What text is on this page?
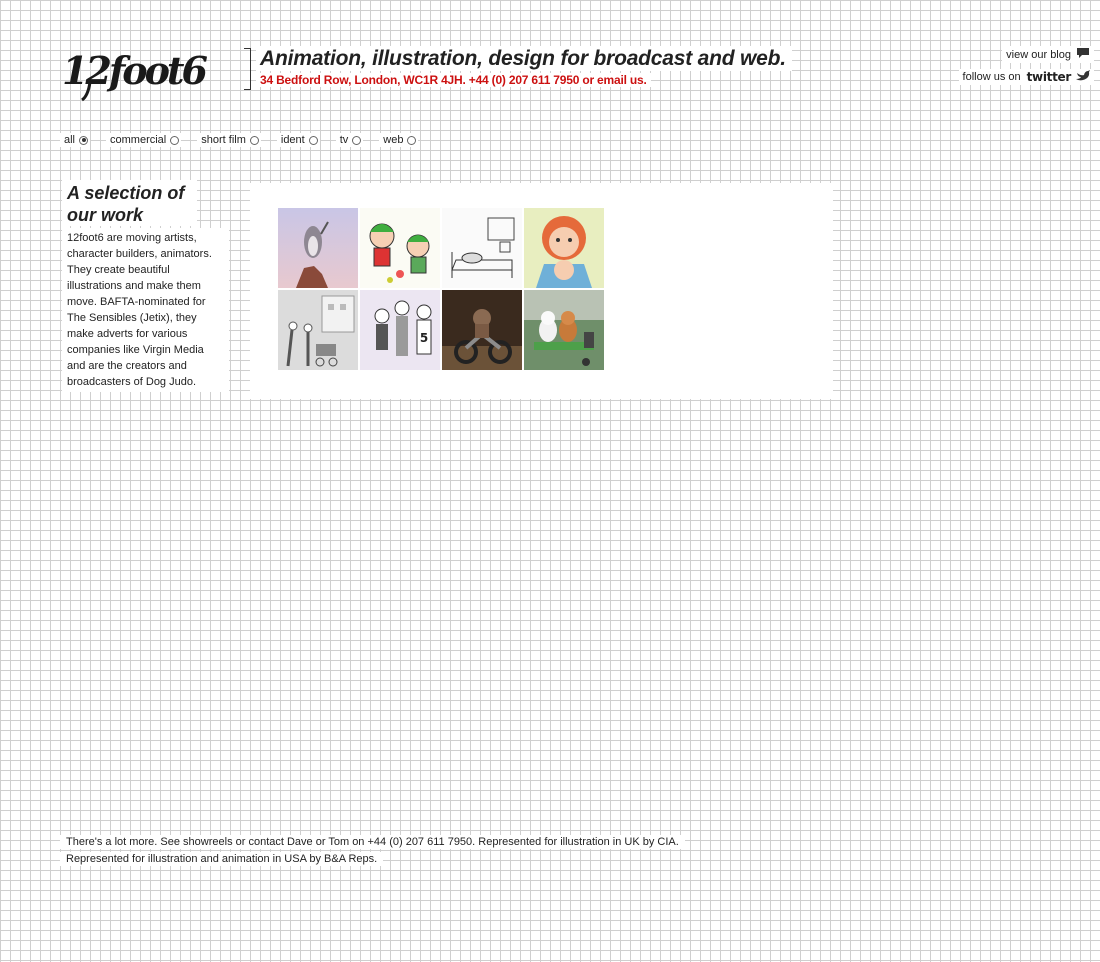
12foot6	Animation, illustration, design for broadcast and web.
34 Bedford Row, London, WC1R 4JH. +44 (0) 207 611 7950 or email us.
view our blog
follow us on twitter
all	commercial	short film	ident	tv	web
A selection of our work
12foot6 are moving artists, character builders, animators. They create beautiful illustrations and make them move. BAFTA-nominated for The Sensibles (Jetix), they make adverts for various companies like Virgin Media and are the creators and broadcasters of Dog Judo.
5
There's a lot more. See showreels or contact Dave or Tom on +44 (0) 207 611 7950. Represented for illustration in UK by CIA.
Represented for illustration and animation in USA by B&A Reps.
